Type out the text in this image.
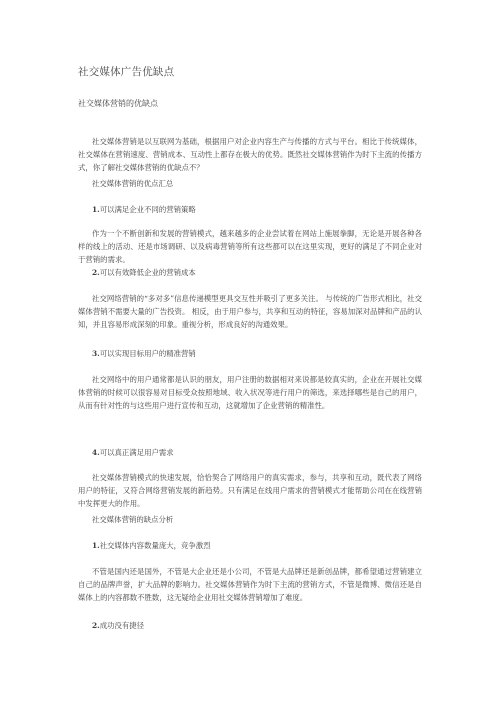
社交媒体广告优缺点
社交媒体营销的优缺点
社交媒体营销是以互联网为基础，根据用户对企业内容生产与传播的方式与平台。相比于传统媒体，社交媒体在营销速度、营销成本、互动性上都存在极大的优势。既然社交媒体营销作为时下主流的传播方式，你了解社交媒体营销的优缺点不？
社交媒体营销的优点汇总
1.可以满足企业不同的营销策略
作为一个不断创新和发展的营销模式，越来越多的企业尝试着在网站上施展拳脚，无论是开展各种各样的线上的活动、还是市场调研、以及病毒营销等所有这些都可以在这里实现，更好的满足了不同企业对于营销的需求。
2.可以有效降低企业的营销成本
社交网络营销的“多对多”信息传递模型更具交互性并吸引了更多关注。 与传统的广告形式相比，社交媒体营销不需要大量的广告投资。 相反，由于用户参与，共享和互动的特征，容易加深对品牌和产品的认知，并且容易形成深刻的印象。重视分析，形成良好的沟通效果。
3.可以实现目标用户的精准营销
社交网络中的用户通常都是认识的朋友，用户注册的数据相对来说都是较真实的，企业在开展社交媒体营销的时候可以很容易对目标受众按照地域、收入状况等进行用户的筛选，来选择哪些是自己的用户，从而有针对性的与这些用户进行宣传和互动，这就增加了企业营销的精准性。
4.可以真正满足用户需求
社交媒体营销模式的快速发展，恰恰契合了网络用户的真实需求，参与，共享和互动，既代表了网络用户的特征，又符合网络营销发展的新趋势。只有满足在线用户需求的营销模式才能帮助公司在在线营销中发挥更大的作用。
社交媒体营销的缺点分析
1.社交媒体内容数量庞大，竞争激烈
不管是国内还是国外，不管是大企业还是小公司，不管是大品牌还是新创品牌，都希望通过营销建立自己的品牌声誉，扩大品牌的影响力。社交媒体营销作为时下主流的营销方式，不管是微博、微信还是自媒体上的内容都数不胜数，这无疑给企业用社交媒体营销增加了难度。
2.成功没有捷径
